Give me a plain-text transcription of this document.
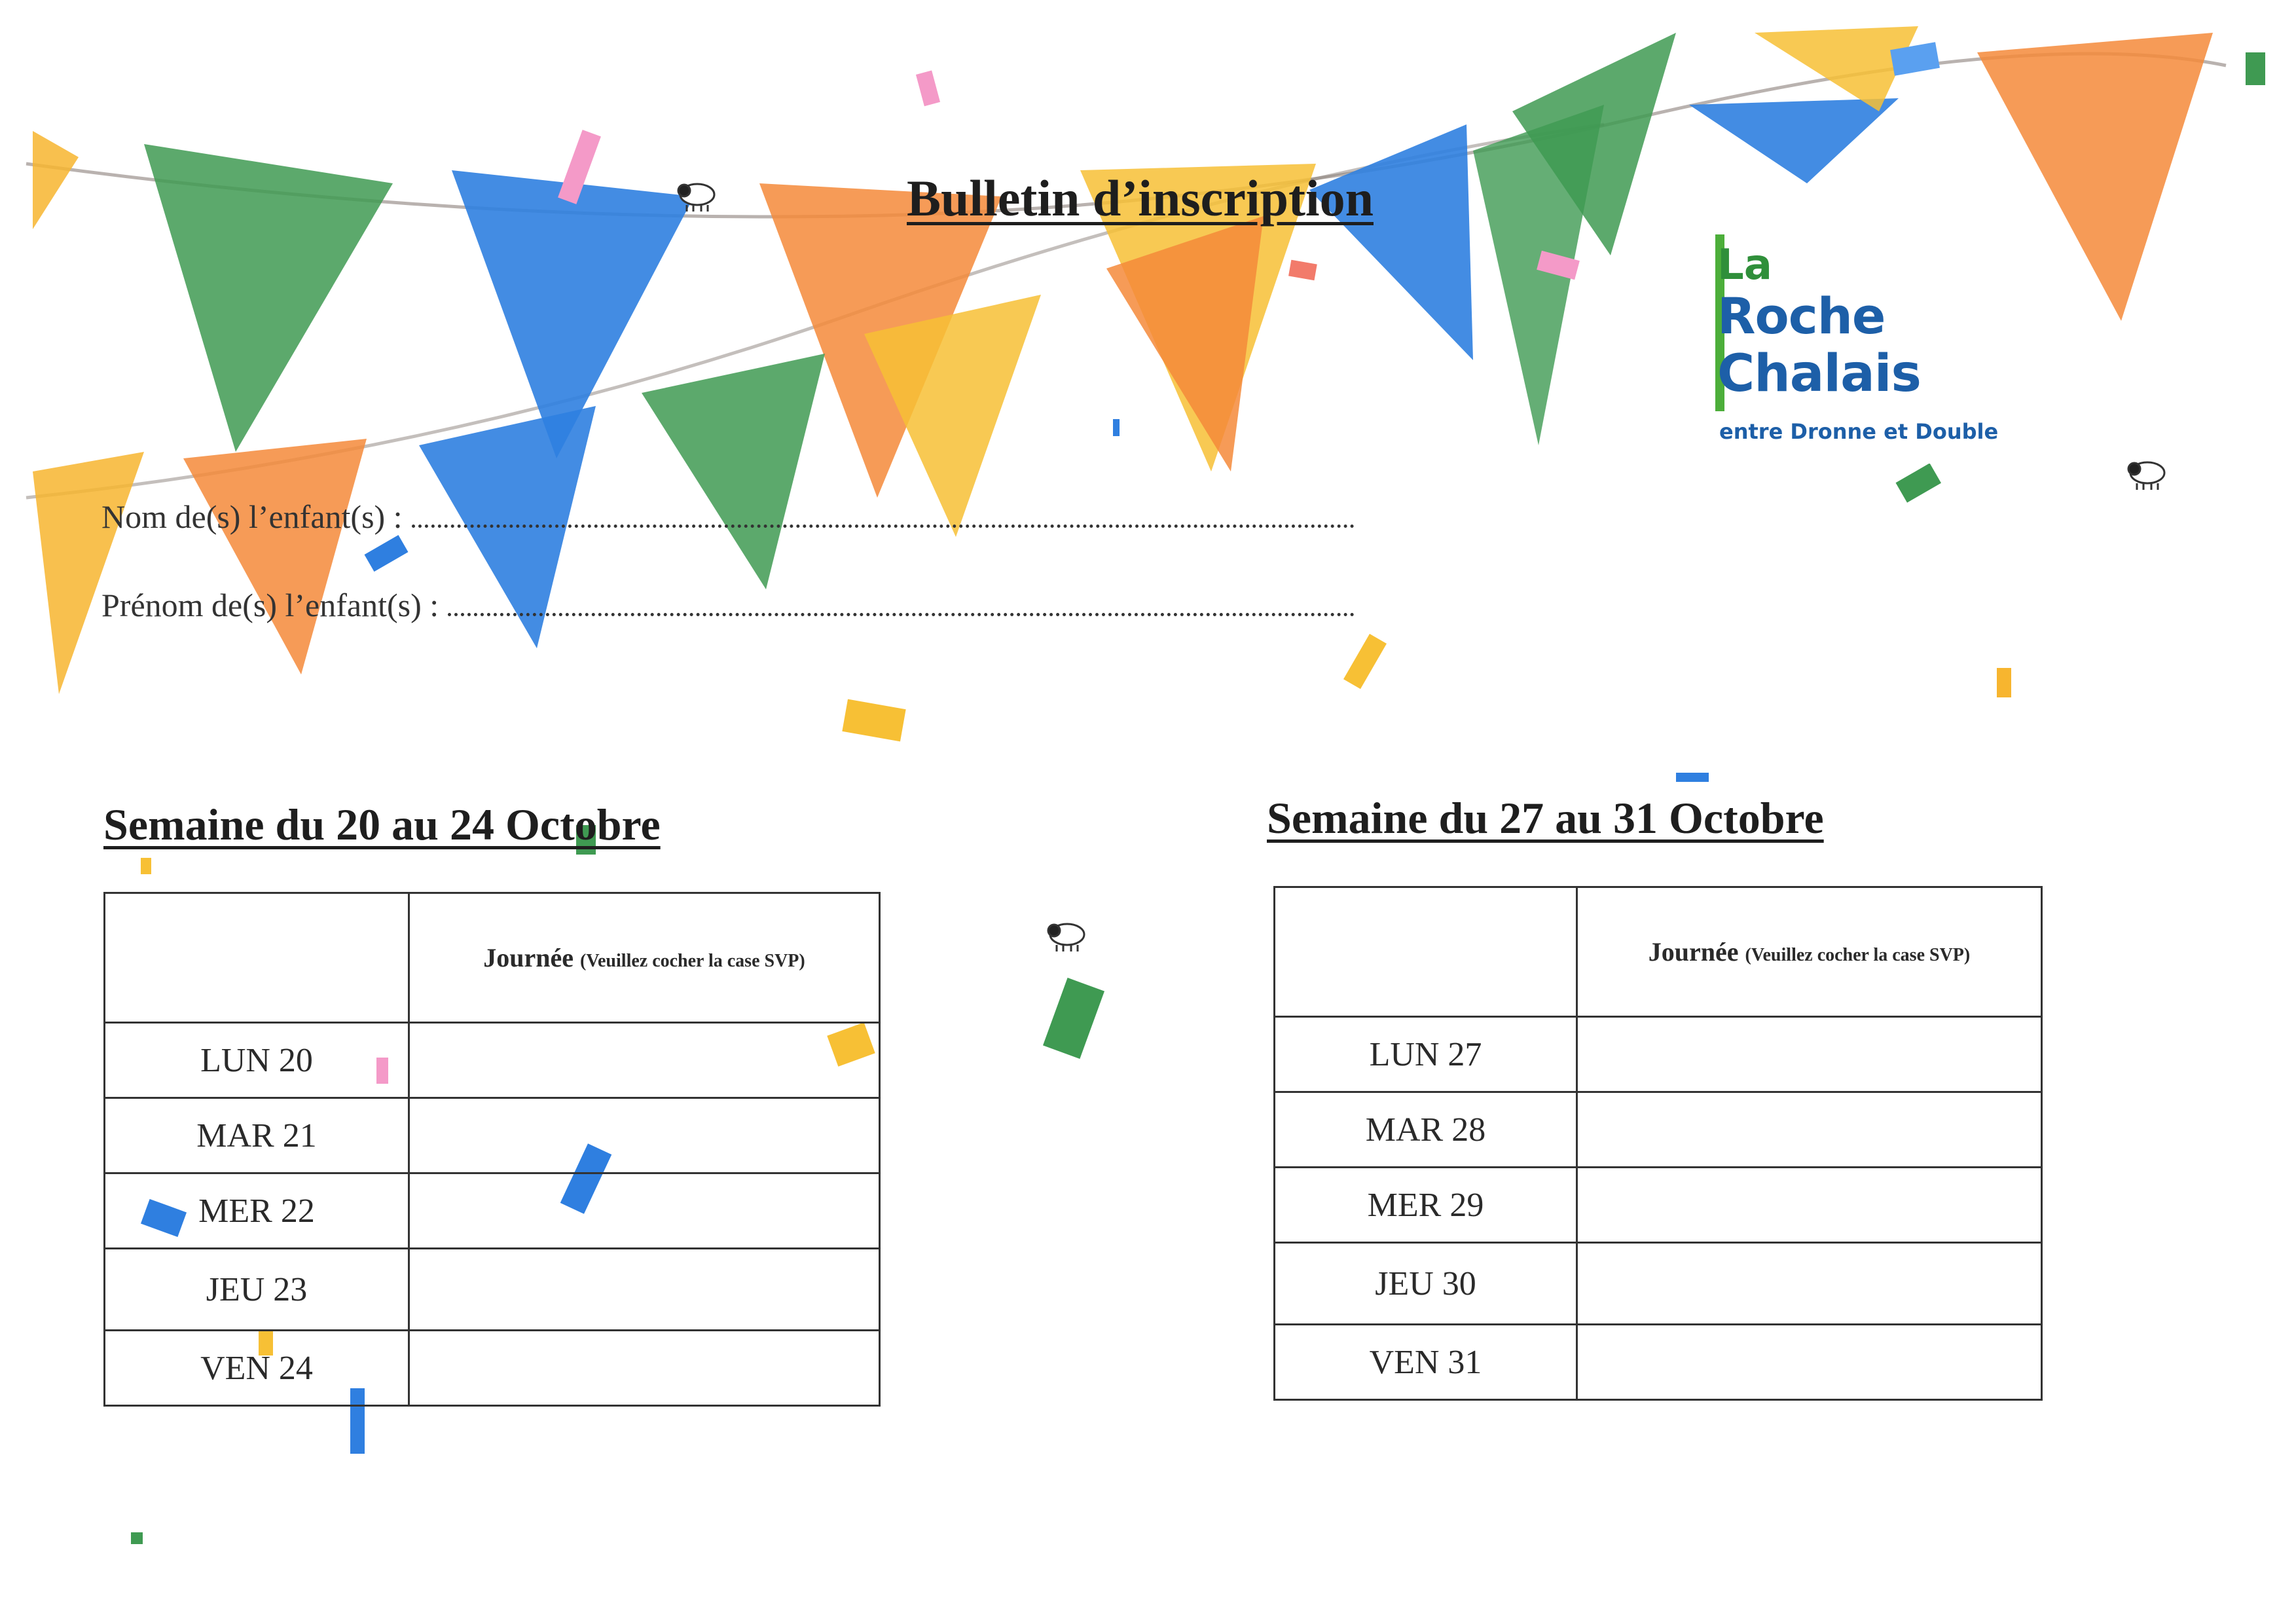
Bulletin d’inscription
La
Roche
Chalais
entre Dronne et Double
Nom de(s) l’enfant(s) :
Prénom de(s) l’enfant(s) :
Semaine du 20 au 24 Octobre
	Journée (Veuillez cocher la case SVP)
LUN 20	
MAR 21	
MER 22	
JEU 23	
VEN 24	
Semaine du 27 au 31 Octobre
	Journée (Veuillez cocher la case SVP)
LUN 27	
MAR 28	
MER 29	
JEU 30	
VEN 31	
